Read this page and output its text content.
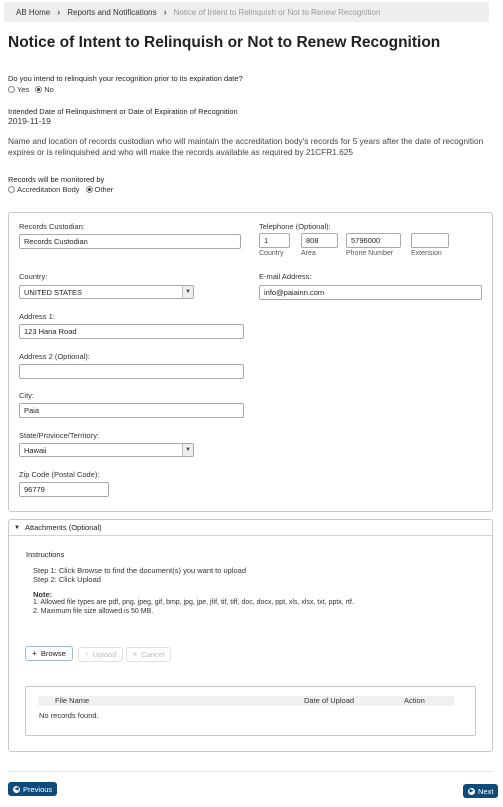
AB Home › Reports and Notifications › Notice of Intent to Relinquish or Not to Renew Recognition
Notice of Intent to Relinquish or Not to Renew Recognition
Do you intend to relinquish your recognition prior to its expiration date?
Yes No
Intended Date of Relinquishment or Date of Expiration of Recognition
2019-11-19

Name and location of records custodian who will maintain the accreditation body's records for 5 years after the date of recognition expires or is relinquished and who will make the records available as required by 21CFR1.625

Records will be monitored by
Accreditation Body Other
Records Custodian:
Records Custodian
Telephone (Optional):
1	808	5796000
Country Area	Phone Number	Extension
Country:
UNITED STATES	▼
E-mail Address:
info@paiainn.com
Address 1:
123 Hana Road
Address 2 (Optional):
City:
Paia
State/Province/Territory:
Hawaii	▼
Zip Code (Postal Code):
96779
▼ Attachments (Optional)
Instructions
Step 1: Click Browse to find the document(s) you want to upload
Step 2: Click Upload
Note:
1. Allowed file types are pdf, png, jpeg, gif, bmp, jpg, jpe, jfif, tif, tiff, doc, docx, ppt, xls, xlsx, txt, pptx, rtf.
2. Maximum file size allowed is 50 MB.
+ Browse ↑ Upload × Cancel
File Name	Date of Upload	Action
No records found.
◀ Previous	▶ Next
